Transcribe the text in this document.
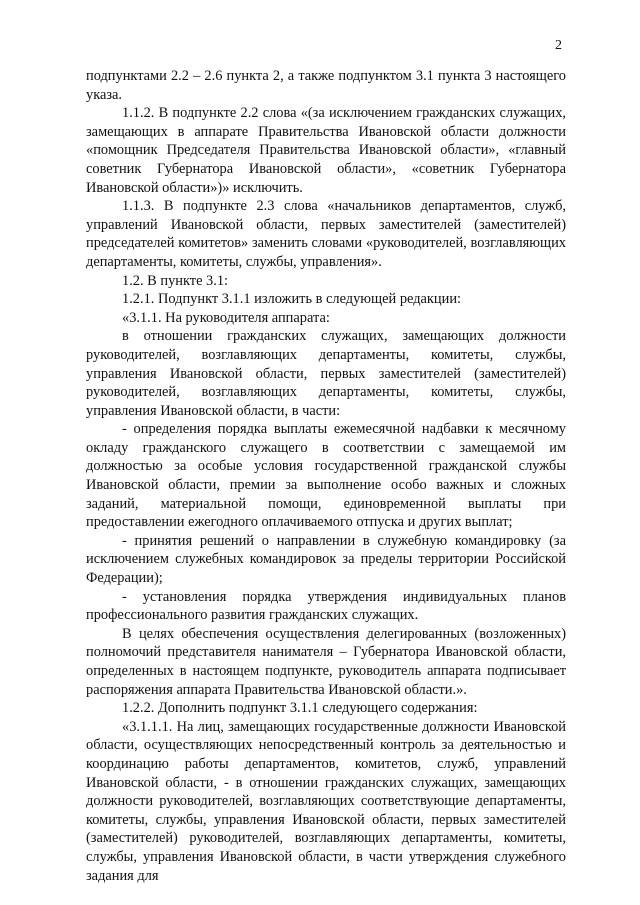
2

подпунктами 2.2 – 2.6 пункта 2, а также подпунктом 3.1 пункта 3 настоящего указа.

1.1.2. В подпункте 2.2 слова «(за исключением гражданских служащих, замещающих в аппарате Правительства Ивановской области должности «помощник Председателя Правительства Ивановской области», «главный советник Губернатора Ивановской области», «советник Губернатора Ивановской области»)» исключить.

1.1.3. В подпункте 2.3 слова «начальников департаментов, служб, управлений Ивановской области, первых заместителей (заместителей) председателей комитетов» заменить словами «руководителей, возглавляющих департаменты, комитеты, службы, управления».

1.2. В пункте 3.1:

1.2.1. Подпункт 3.1.1 изложить в следующей редакции:

«3.1.1. На руководителя аппарата:

в отношении гражданских служащих, замещающих должности руководителей, возглавляющих департаменты, комитеты, службы, управления Ивановской области, первых заместителей (заместителей) руководителей, возглавляющих департаменты, комитеты, службы, управления Ивановской области, в части:

- определения порядка выплаты ежемесячной надбавки к месячному окладу гражданского служащего в соответствии с замещаемой им должностью за особые условия государственной гражданской службы Ивановской области, премии за выполнение особо важных и сложных заданий, материальной помощи, единовременной выплаты при предоставлении ежегодного оплачиваемого отпуска и других выплат;

- принятия решений о направлении в служебную командировку (за исключением служебных командировок за пределы территории Российской Федерации);

- установления порядка утверждения индивидуальных планов профессионального развития гражданских служащих.

В целях обеспечения осуществления делегированных (возложенных) полномочий представителя нанимателя – Губернатора Ивановской области, определенных в настоящем подпункте, руководитель аппарата подписывает распоряжения аппарата Правительства Ивановской области.».

1.2.2. Дополнить подпункт 3.1.1 следующего содержания:

«3.1.1.1. На лиц, замещающих государственные должности Ивановской области, осуществляющих непосредственный контроль за деятельностью и координацию работы департаментов, комитетов, служб, управлений Ивановской области, - в отношении гражданских служащих, замещающих должности руководителей, возглавляющих соответствующие департаменты, комитеты, службы, управления Ивановской области, первых заместителей (заместителей) руководителей, возглавляющих департаменты, комитеты, службы, управления Ивановской области, в части утверждения служебного задания для
